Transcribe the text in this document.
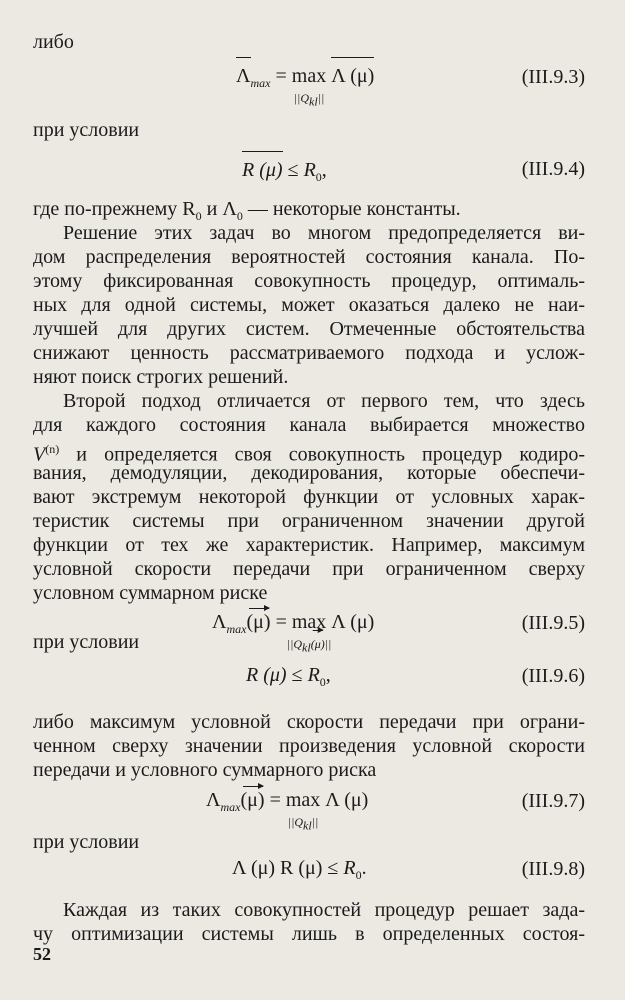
либо
$\Lambda_{max} = \max$
$||Q_{kl}||$
Λ (μ)	(III.9.3)
при условии
R $(\mu) \le R_0$,	(III.9.4)
где по-прежнему $R_0$ и $\Lambda_0$ — некоторые константы.
Решение этих задач во многом предопределяется ви-
дом распределения вероятностей состояния канала. По-
этому фиксированная совокупность процедур, оптималь-
ных для одной системы, может оказаться далеко не наи-
лучшей для других систем. Отмеченные обстоятельства
снижают ценность рассматриваемого подхода и услож-
няют поиск строгих решений.
Второй подход отличается от первого тем, что здесь
для каждого состояния канала выбирается множество
$V^{(n)}$ и определяется своя совокупность процедур кодиро-
вания, демодуляции, декодирования, которые обеспечи-
вают экстремум некоторой функции от условных харак-
теристик системы при ограниченном значении другой
функции от тех же характеристик. Например, максимум
условной скорости передачи при ограниченном сверху
условном суммарном риске
$\Lambda_{max}(\mu) = \max$
$||Q_{kl}(\mu)||$
Λ (μ)	(III.9.5)
при условии
R $(\mu) \le R_0$,	(III.9.6)
либо максимум условной скорости передачи при ограни-
ченном сверху значении произведения условной скорости
передачи и условного суммарного риска
$\Lambda_{max}(\mu) = \max$
$||Q_{kl}||$
Λ (μ)	(III.9.7)
при условии
Λ (μ) R $(\mu) \le R_0$.	(III.9.8)
Каждая из таких совокупностей процедур решает зада-
чу оптимизации системы лишь в определенных состоя-
52
